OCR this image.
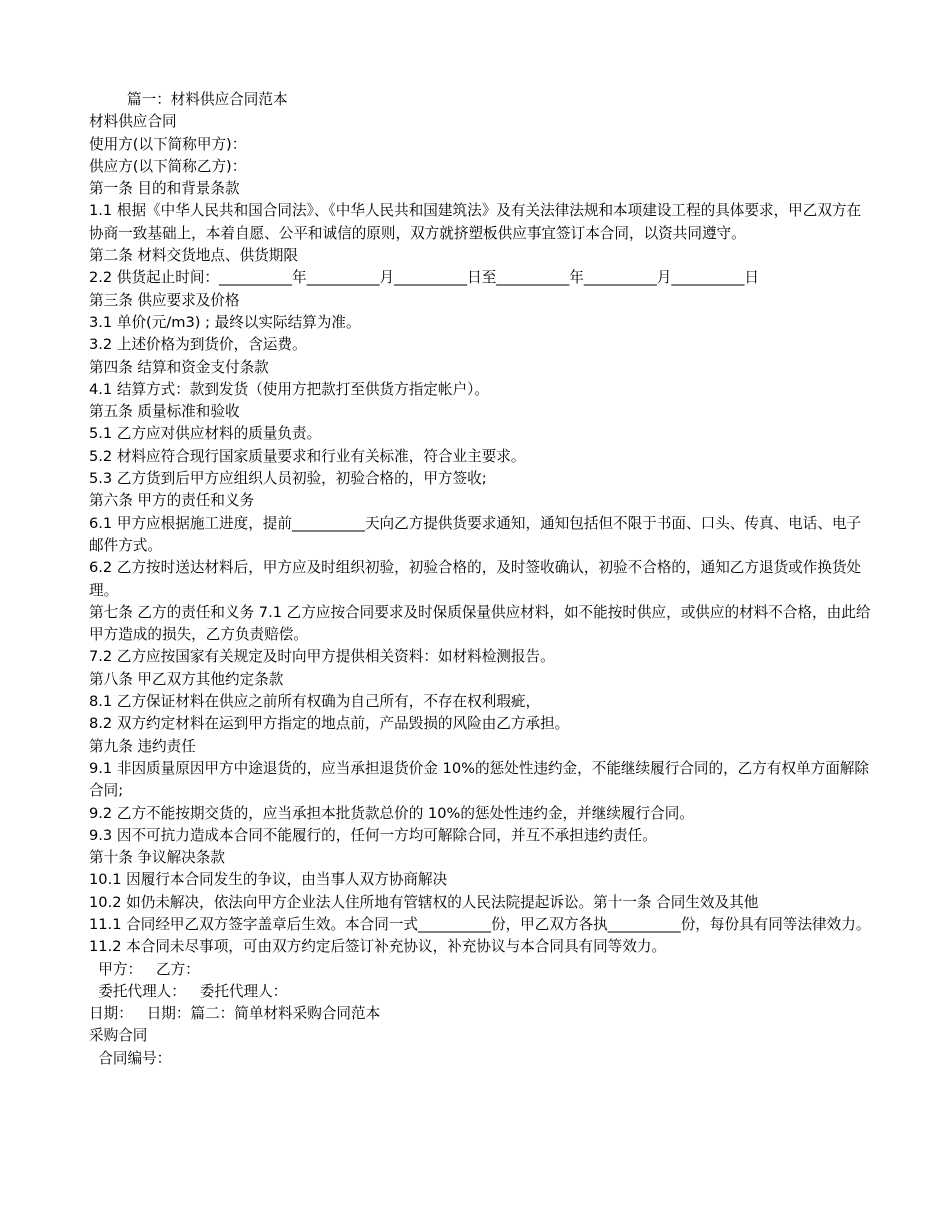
篇一：材料供应合同范本

材料供应合同

使用方(以下简称甲方)：

供应方(以下简称乙方)：

第一条 目的和背景条款

1.1 根据《中华人民共和国合同法》、《中华人民共和国建筑法》及有关法律法规和本项建设工程的具体要求，甲乙双方在协商一致基础上，本着自愿、公平和诚信的原则，双方就挤塑板供应事宜签订本合同，以资共同遵守。

第二条 材料交货地点、供货期限

2.2 供货起止时间：__________年__________月__________日至__________年__________月__________日

第三条 供应要求及价格

3.1 单价(元/m3) ; 最终以实际结算为准。

3.2 上述价格为到货价，含运费。

第四条 结算和资金支付条款

4.1 结算方式：款到发货（使用方把款打至供货方指定帐户）。

第五条 质量标准和验收

5.1 乙方应对供应材料的质量负责。

5.2 材料应符合现行国家质量要求和行业有关标准，符合业主要求。

5.3 乙方货到后甲方应组织人员初验，初验合格的，甲方签收;

第六条 甲方的责任和义务

6.1 甲方应根据施工进度，提前__________天向乙方提供货要求通知，通知包括但不限于书面、口头、传真、电话、电子邮件方式。

6.2 乙方按时送达材料后，甲方应及时组织初验，初验合格的，及时签收确认，初验不合格的，通知乙方退货或作换货处理。

第七条 乙方的责任和义务 7.1 乙方应按合同要求及时保质保量供应材料，如不能按时供应，或供应的材料不合格，由此给甲方造成的损失，乙方负责赔偿。

7.2 乙方应按国家有关规定及时向甲方提供相关资料：如材料检测报告。

第八条 甲乙双方其他约定条款

8.1 乙方保证材料在供应之前所有权确为自己所有，不存在权利瑕疵，

8.2 双方约定材料在运到甲方指定的地点前，产品毁损的风险由乙方承担。

第九条 违约责任

9.1 非因质量原因甲方中途退货的，应当承担退货价金 10%的惩处性违约金，不能继续履行合同的，乙方有权单方面解除合同;

9.2 乙方不能按期交货的，应当承担本批货款总价的 10%的惩处性违约金，并继续履行合同。

9.3 因不可抗力造成本合同不能履行的，任何一方均可解除合同，并互不承担违约责任。

第十条 争议解决条款

10.1 因履行本合同发生的争议，由当事人双方协商解决

10.2 如仍未解决，依法向甲方企业法人住所地有管辖权的人民法院提起诉讼。第十一条 合同生效及其他

11.1 合同经甲乙双方签字盖章后生效。本合同一式__________份，甲乙双方各执__________份，每份具有同等法律效力。

11.2 本合同未尽事项，可由双方约定后签订补充协议，补充协议与本合同具有同等效力。

甲方：   乙方：

委托代理人：   委托代理人：

日期：   日期：篇二：简单材料采购合同范本

采购合同

合同编号：
